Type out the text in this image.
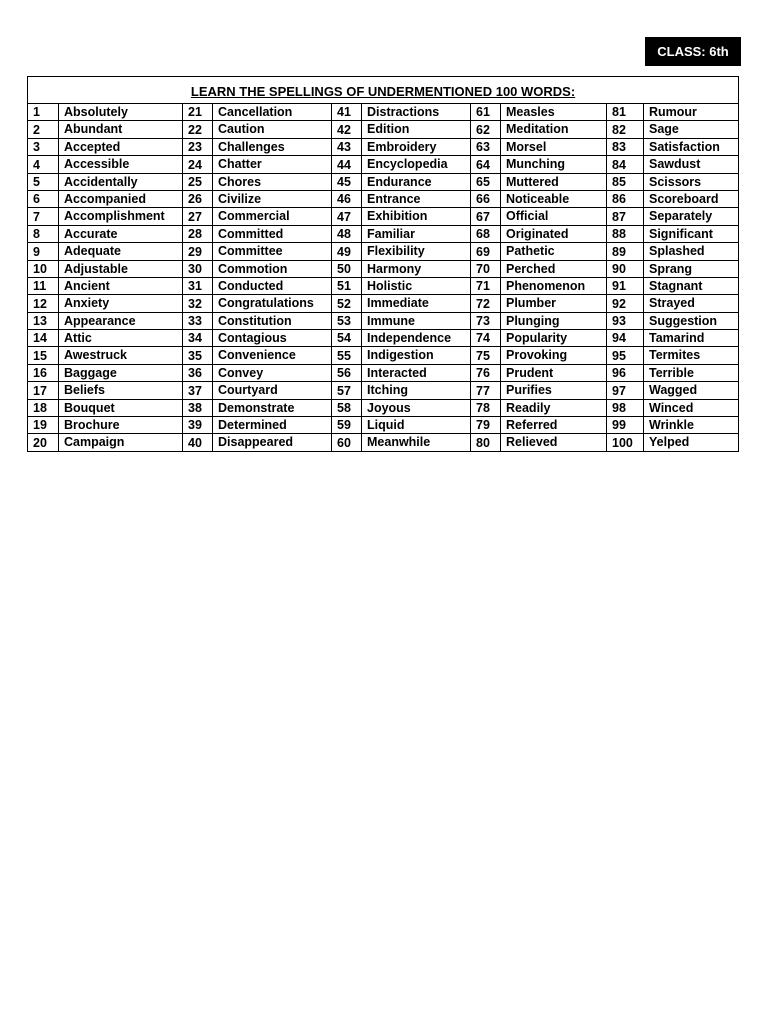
CLASS: 6th
LEARN THE SPELLINGS OF UNDERMENTIONED 100 WORDS:									
1	Absolutely	21	Cancellation	41	Distractions	61	Measles	81	Rumour
2	Abundant	22	Caution	42	Edition	62	Meditation	82	Sage
3	Accepted	23	Challenges	43	Embroidery	63	Morsel	83	Satisfaction
4	Accessible	24	Chatter	44	Encyclopedia	64	Munching	84	Sawdust
5	Accidentally	25	Chores	45	Endurance	65	Muttered	85	Scissors
6	Accompanied	26	Civilize	46	Entrance	66	Noticeable	86	Scoreboard
7	Accomplishment	27	Commercial	47	Exhibition	67	Official	87	Separately
8	Accurate	28	Committed	48	Familiar	68	Originated	88	Significant
9	Adequate	29	Committee	49	Flexibility	69	Pathetic	89	Splashed
10	Adjustable	30	Commotion	50	Harmony	70	Perched	90	Sprang
11	Ancient	31	Conducted	51	Holistic	71	Phenomenon	91	Stagnant
12	Anxiety	32	Congratulations	52	Immediate	72	Plumber	92	Strayed
13	Appearance	33	Constitution	53	Immune	73	Plunging	93	Suggestion
14	Attic	34	Contagious	54	Independence	74	Popularity	94	Tamarind
15	Awestruck	35	Convenience	55	Indigestion	75	Provoking	95	Termites
16	Baggage	36	Convey	56	Interacted	76	Prudent	96	Terrible
17	Beliefs	37	Courtyard	57	Itching	77	Purifies	97	Wagged
18	Bouquet	38	Demonstrate	58	Joyous	78	Readily	98	Winced
19	Brochure	39	Determined	59	Liquid	79	Referred	99	Wrinkle
20	Campaign	40	Disappeared	60	Meanwhile	80	Relieved	100	Yelped
